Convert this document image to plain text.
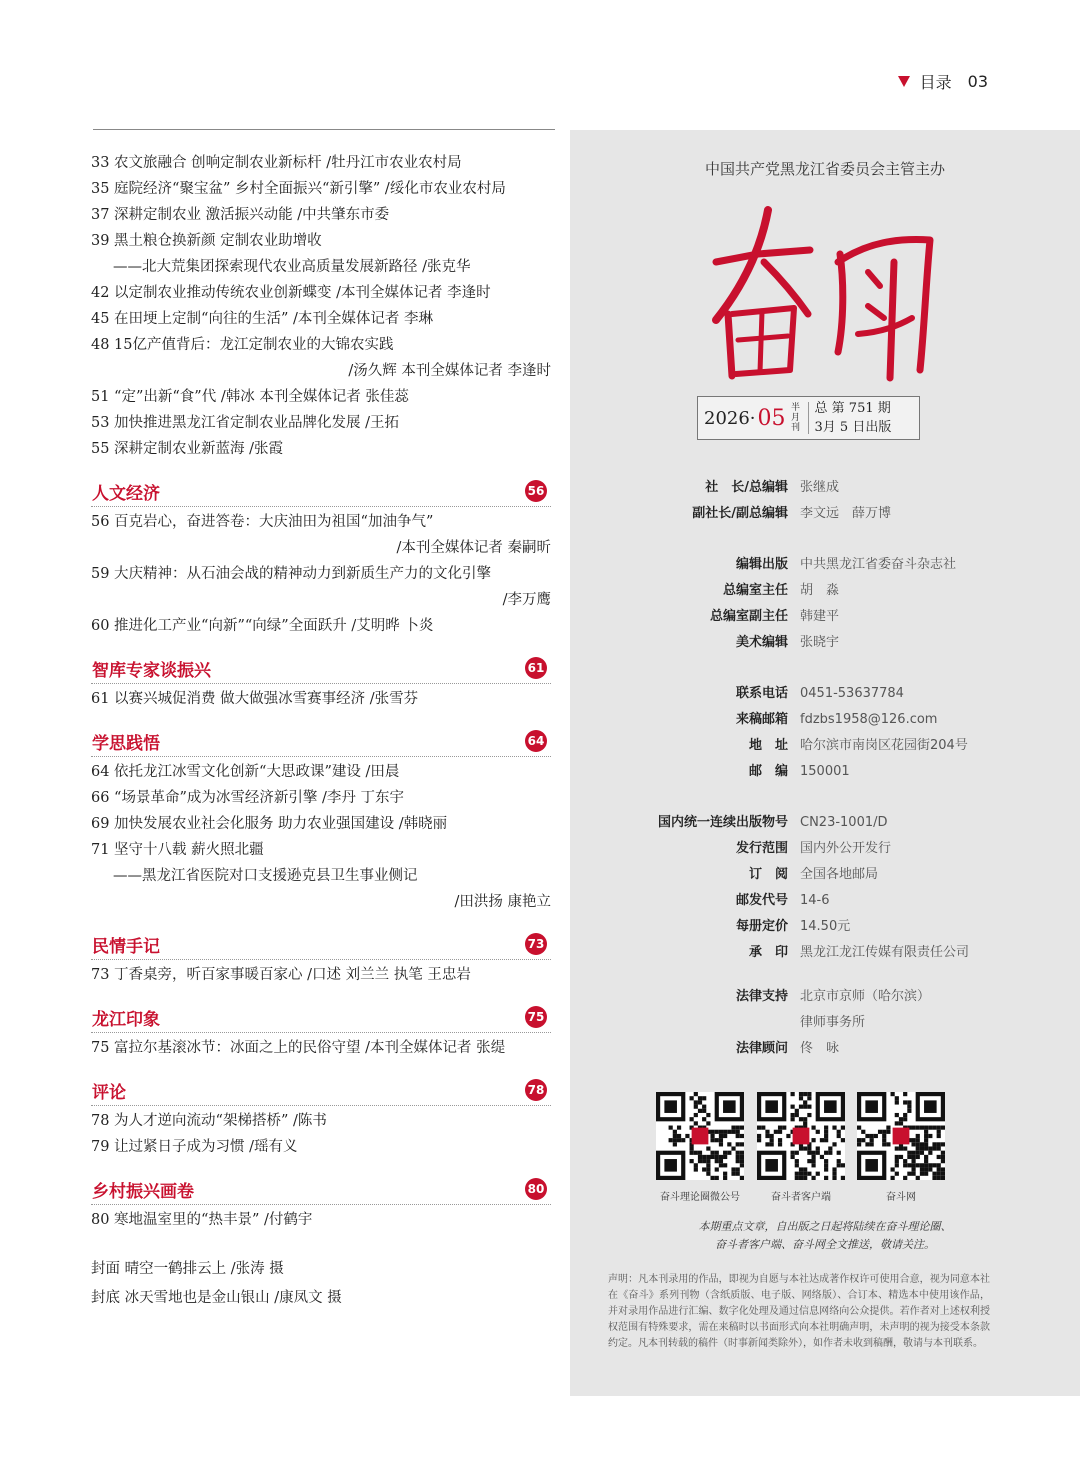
目录 03
33 农文旅融合 创响定制农业新标杆 /牡丹江市农业农村局
35 庭院经济“聚宝盆” 乡村全面振兴“新引擎” /绥化市农业农村局
37 深耕定制农业 激活振兴动能 /中共肇东市委
39 黑土粮仓换新颜 定制农业助增收
——北大荒集团探索现代农业高质量发展新路径 /张克华
42 以定制农业推动传统农业创新蝶变 /本刊全媒体记者 李逢时
45 在田埂上定制“向往的生活” /本刊全媒体记者 李琳
48 15亿产值背后：龙江定制农业的大锦农实践
/汤久辉 本刊全媒体记者 李逢时
51 “定”出新“食”代 /韩冰 本刊全媒体记者 张佳蕊
53 加快推进黑龙江省定制农业品牌化发展 /王拓
55 深耕定制农业新蓝海 /张霞
人文经济	56
56 百克岩心，奋进答卷：大庆油田为祖国“加油争气”
/本刊全媒体记者 秦嗣昕
59 大庆精神：从石油会战的精神动力到新质生产力的文化引擎
/李万鹰
60 推进化工产业“向新”“向绿”全面跃升 /艾明晔 卜炎
智库专家谈振兴	61
61 以赛兴城促消费 做大做强冰雪赛事经济 /张雪芬
学思践悟	64
64 依托龙江冰雪文化创新“大思政课”建设 /田晨
66 “场景革命”成为冰雪经济新引擎 /李丹 丁东宇
69 加快发展农业社会化服务 助力农业强国建设 /韩晓丽
71 坚守十八载 薪火照北疆
——黑龙江省医院对口支援逊克县卫生事业侧记
/田洪扬 康艳立
民情手记	73
73 丁香桌旁，听百家事暖百家心 /口述 刘兰兰 执笔 王忠岩
龙江印象	75
75 富拉尔基滚冰节：冰面之上的民俗守望 /本刊全媒体记者 张缇
评论	78
78 为人才逆向流动“架梯搭桥” /陈书
79 让过紧日子成为习惯 /瑶有义
乡村振兴画卷	80
80 寒地温室里的“热丰景” /付鹤宇
封面 晴空一鹤排云上 /张涛 摄
封底 冰天雪地也是金山银山 /康凤文 摄
中国共产党黑龙江省委员会主管主办
2026· 05 半月刊
总 第 751 期
3月 5 日出版
社　长/总编辑 张继成
副社长/副总编辑 李文远　薛万博
编辑出版 中共黑龙江省委奋斗杂志社
总编室主任 胡　淼
总编室副主任 韩建平
美术编辑 张晓宇
联系电话 0451-53637784
来稿邮箱 fdzbs1958@126.com
地　址 哈尔滨市南岗区花园街204号
邮　编 150001
国内统一连续出版物号 CN23-1001/D
发行范围 国内外公开发行
订　阅 全国各地邮局
邮发代号 14-6
每册定价 14.50元
承　印 黑龙江龙江传媒有限责任公司
法律支持 北京市京师（哈尔滨）
律师事务所
法律顾问 佟　咏
奋斗理论圈微公号	奋斗者客户端	奋斗网
本期重点文章，自出版之日起将陆续在奋斗理论圈、
奋斗者客户端、奋斗网全文推送，敬请关注。
声明：凡本刊录用的作品，即视为自愿与本社达成著作权许可使用合意，视为同意本社在《奋斗》系列刊物（含纸质版、电子版、网络版）、合订本、精选本中使用该作品，并对录用作品进行汇编、数字化处理及通过信息网络向公众提供。若作者对上述权利授权范围有特殊要求，需在来稿时以书面形式向本社明确声明，未声明的视为接受本条款约定。凡本刊转载的稿件（时事新闻类除外），如作者未收到稿酬，敬请与本刊联系。
